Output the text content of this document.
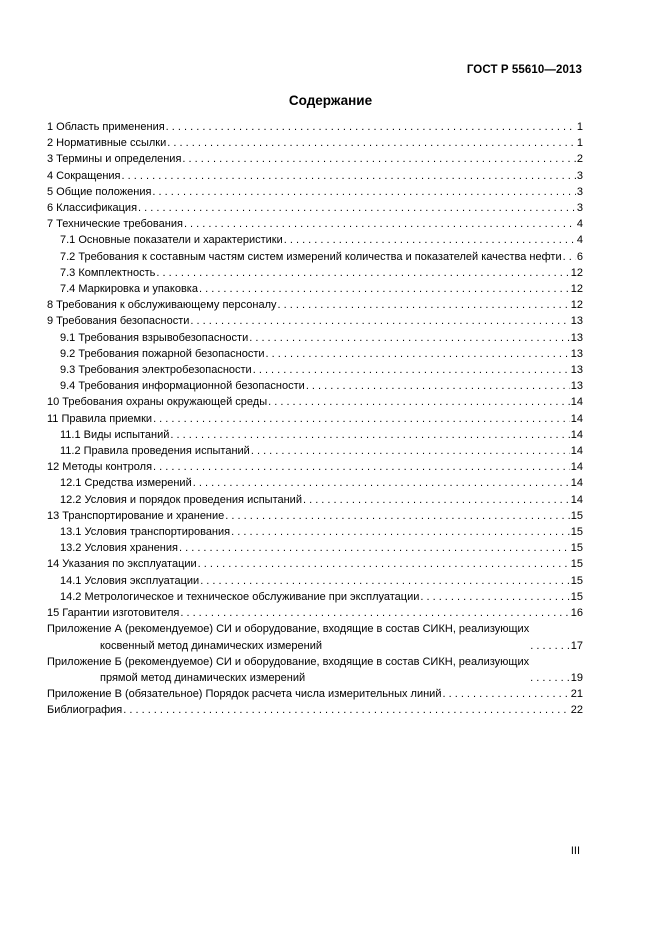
ГОСТ Р 55610—2013
Содержание
1 Область применения . . .	1
2 Нормативные ссылки . . .	1
3 Термины и определения . . .	2
4 Сокращения . . .	3
5 Общие положения . . .	3
6 Классификация . . .	3
7 Технические требования . . .	4
7.1 Основные показатели и характеристики . . .	4
7.2 Требования к составным частям систем измерений количества и показателей качества нефти . . . 6
7.3 Комплектность . . .	12
7.4 Маркировка и упаковка . . .	12
8 Требования к обслуживающему персоналу . . .	12
9 Требования безопасности . . .	13
9.1 Требования взрывобезопасности . . .	13
9.2 Требования пожарной безопасности . . .	13
9.3 Требования электробезопасности . . .	13
9.4 Требования информационной безопасности . . .	13
10 Требования охраны окружающей среды . . .	14
11 Правила приемки . . .	14
11.1 Виды испытаний . . .	14
11.2 Правила проведения испытаний . . .	14
12 Методы контроля . . .	14
12.1 Средства измерений . . .	14
12.2 Условия и порядок проведения испытаний . . .	14
13 Транспортирование и хранение . . .	15
13.1 Условия транспортирования . . .	15
13.2 Условия хранения . . .	15
14 Указания по эксплуатации . . .	15
14.1 Условия эксплуатации . . .	15
14.2 Метрологическое и техническое обслуживание при эксплуатации . . .	15
15 Гарантии изготовителя . . .	16
Приложение А (рекомендуемое) СИ и оборудование, входящие в состав СИКН, реализующих
косвенный метод динамических измерений . . .	17
Приложение Б (рекомендуемое) СИ и оборудование, входящие в состав СИКН, реализующих
прямой метод динамических измерений . . .	19
Приложение В (обязательное) Порядок расчета числа измерительных линий . . .	21
Библиография . . .	22
III
